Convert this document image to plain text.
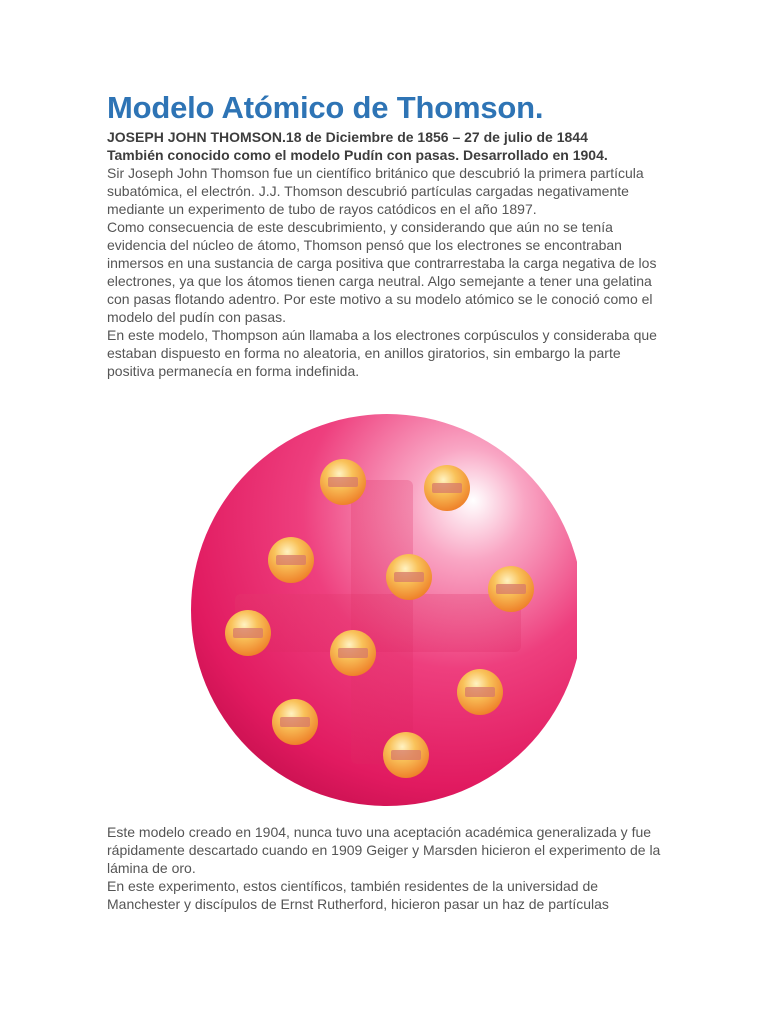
Modelo Atómico de Thomson.

JOSEPH JOHN THOMSON.18 de Diciembre de 1856 – 27 de julio de 1844

También conocido como el modelo Pudín con pasas. Desarrollado en 1904.

Sir Joseph John Thomson fue un científico británico que descubrió la primera partícula subatómica, el electrón. J.J. Thomson descubrió partículas cargadas negativamente mediante un experimento de tubo de rayos catódicos en el año 1897.

Como consecuencia de este descubrimiento, y considerando que aún no se tenía evidencia del núcleo de átomo, Thomson pensó que los electrones se encontraban inmersos en una sustancia de carga positiva que contrarrestaba la carga negativa de los electrones, ya que los átomos tienen carga neutral. Algo semejante a tener una gelatina con pasas flotando adentro. Por este motivo a su modelo atómico se le conoció como el modelo del pudín con pasas.

En este modelo, Thompson aún llamaba a los electrones corpúsculos y consideraba que estaban dispuesto en forma no aleatoria, en anillos giratorios, sin embargo la parte positiva permanecía en forma indefinida.

Este modelo creado en 1904, nunca tuvo una aceptación académica generalizada y fue rápidamente descartado cuando en 1909 Geiger y Marsden hicieron el experimento de la lámina de oro.

En este experimento, estos científicos, también residentes de la universidad de Manchester y discípulos de Ernst Rutherford, hicieron pasar un haz de partículas
